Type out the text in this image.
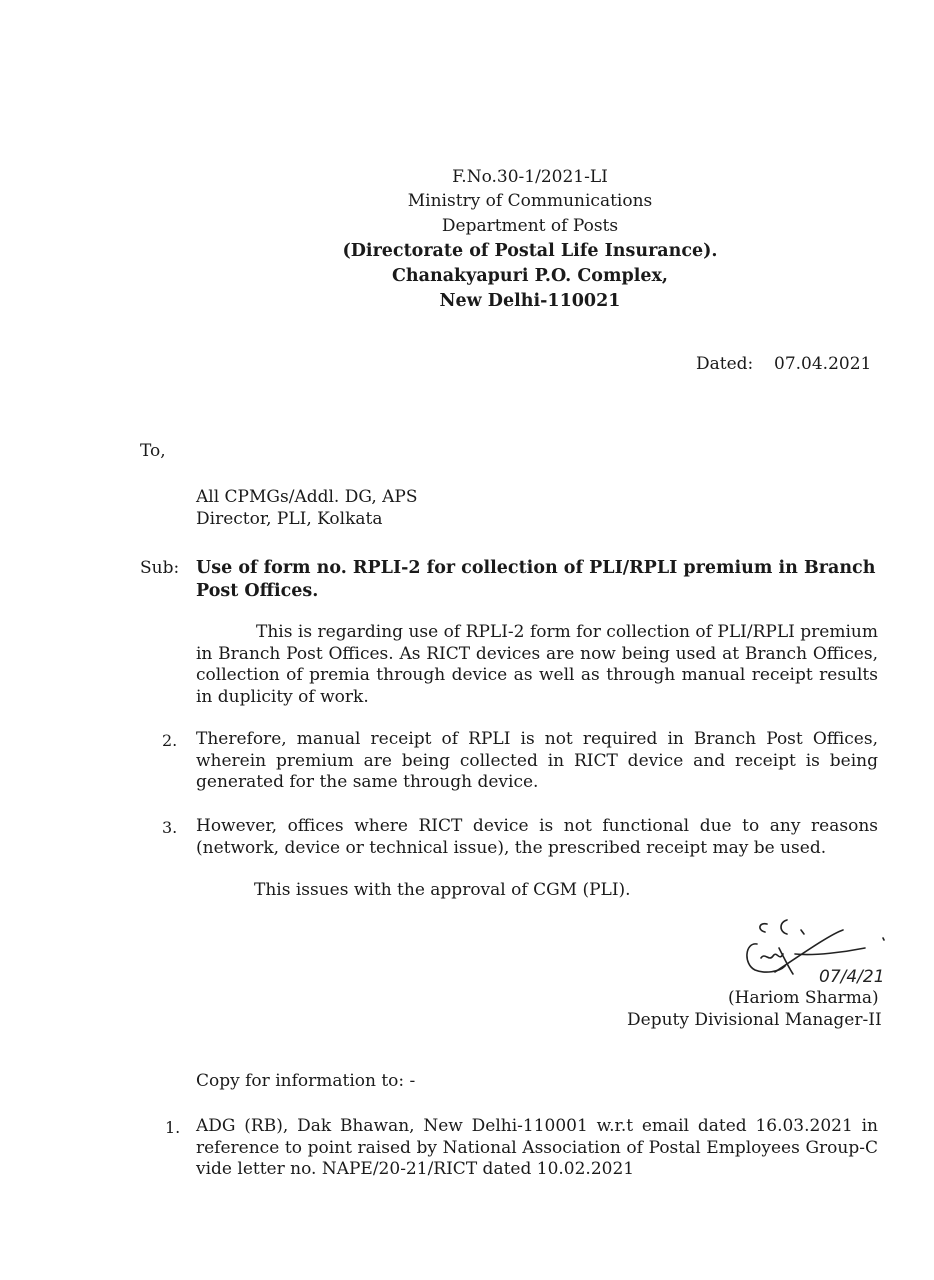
F.No.30-1/2021-LI
Ministry of Communications
Department of Posts
(Directorate of Postal Life Insurance).
Chanakyapuri P.O. Complex,
New Delhi-110021
Dated: 07.04.2021
To,
All CPMGs/Addl. DG, APS
Director, PLI, Kolkata
Sub: Use of form no. RPLI-2 for collection of PLI/RPLI premium in Branch
Post Offices.
This is regarding use of RPLI-2 form for collection of PLI/RPLI premium in Branch Post Offices. As RICT devices are now being used at Branch Offices, collection of premia through device as well as through manual receipt results in duplicity of work.
2. Therefore, manual receipt of RPLI is not required in Branch Post Offices, wherein premium are being collected in RICT device and receipt is being generated for the same through device.
3. However, offices where RICT device is not functional due to any reasons (network, device or technical issue), the prescribed receipt may be used.
This issues with the approval of CGM (PLI).
07/4/21
(Hariom Sharma)
Deputy Divisional Manager-II
Copy for information to: -
1. ADG (RB), Dak Bhawan, New Delhi-110001 w.r.t email dated 16.03.2021 in reference to point raised by National Association of Postal Employees Group-C vide letter no. NAPE/20-21/RICT dated 10.02.2021
